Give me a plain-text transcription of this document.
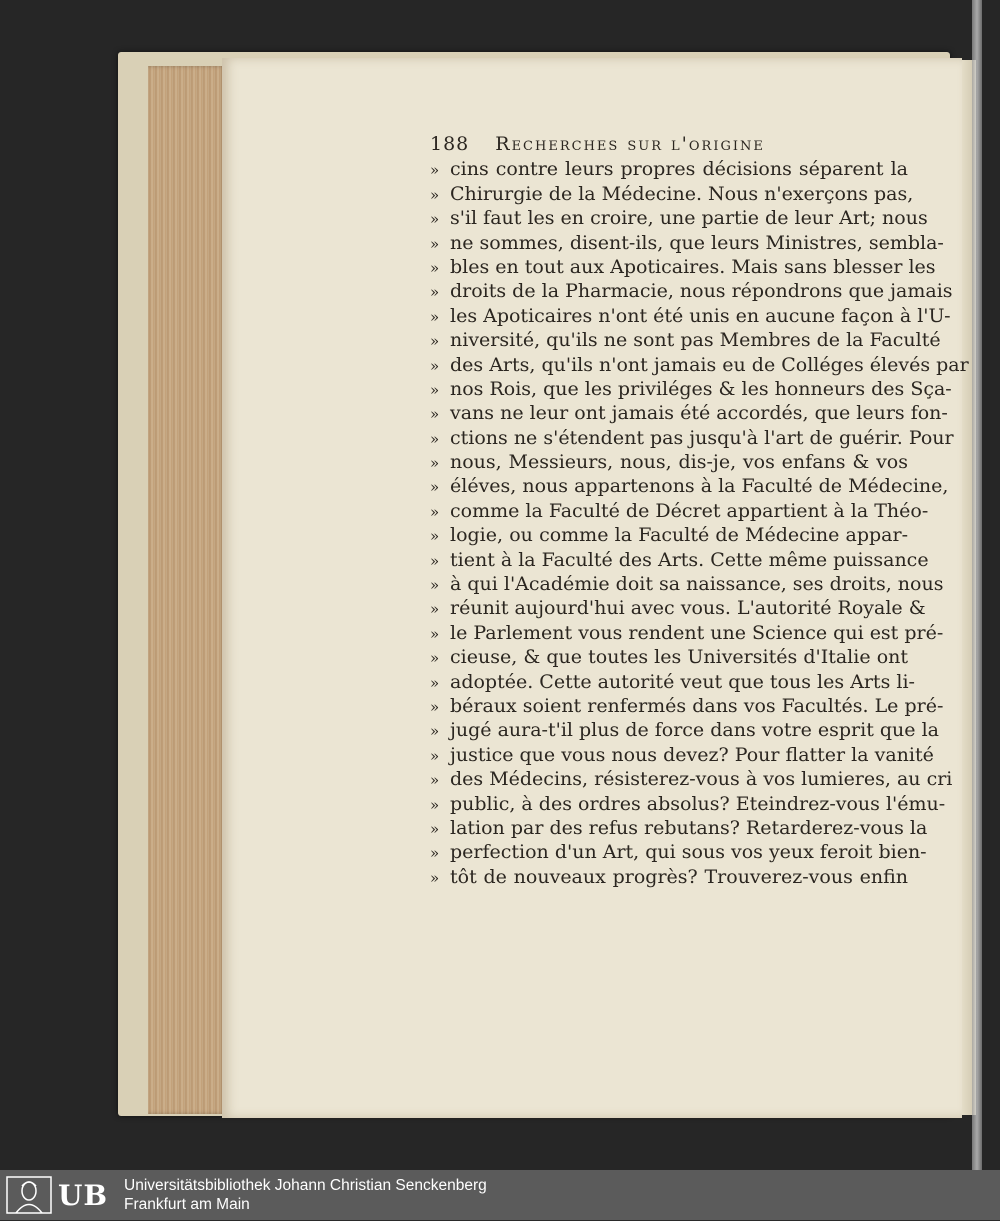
188 Recherches sur l'origine
» cins contre leurs propres décisions séparent la
» Chirurgie de la Médecine. Nous n'exerçons pas,
» s'il faut les en croire, une partie de leur Art; nous
» ne sommes, disent-ils, que leurs Ministres, sembla-
» bles en tout aux Apoticaires. Mais sans blesser les
» droits de la Pharmacie, nous répondrons que jamais
» les Apoticaires n'ont été unis en aucune façon à l'U-
» niversité, qu'ils ne sont pas Membres de la Faculté
» des Arts, qu'ils n'ont jamais eu de Colléges élevés par
» nos Rois, que les priviléges & les honneurs des Sça-
» vans ne leur ont jamais été accordés, que leurs fon-
» ctions ne s'étendent pas jusqu'à l'art de guérir. Pour
» nous, Messieurs, nous, dis-je, vos enfans & vos
» éléves, nous appartenons à la Faculté de Médecine,
» comme la Faculté de Décret appartient à la Théo-
» logie, ou comme la Faculté de Médecine appar-
» tient à la Faculté des Arts. Cette même puissance
» à qui l'Académie doit sa naissance, ses droits, nous
» réunit aujourd'hui avec vous. L'autorité Royale &
» le Parlement vous rendent une Science qui est pré-
» cieuse, & que toutes les Universités d'Italie ont
» adoptée. Cette autorité veut que tous les Arts li-
» béraux soient renfermés dans vos Facultés. Le pré-
» jugé aura-t'il plus de force dans votre esprit que la
» justice que vous nous devez? Pour flatter la vanité
» des Médecins, résisterez-vous à vos lumieres, au cri
» public, à des ordres absolus? Eteindrez-vous l'ému-
» lation par des refus rebutans? Retarderez-vous la
» perfection d'un Art, qui sous vos yeux feroit bien-
» tôt de nouveaux progrès? Trouverez-vous enfin
UB Universitätsbibliothek Johann Christian Senckenberg
Frankfurt am Main
